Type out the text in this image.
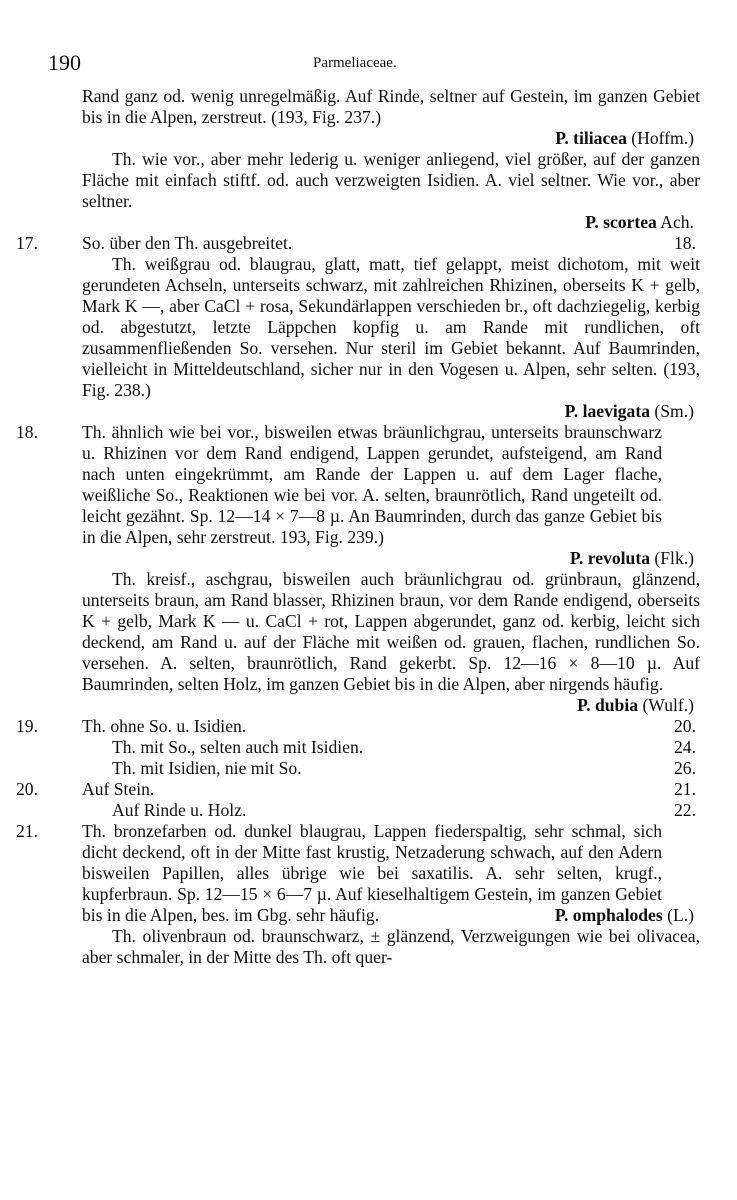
190	Parmeliaceae.

Rand ganz od. wenig unregelmäßig. Auf Rinde, seltner auf Gestein, im ganzen Gebiet bis in die Alpen, zerstreut. (193, Fig. 237.)

P. tiliacea (Hoffm.)

Th. wie vor., aber mehr lederig u. weniger anliegend, viel größer, auf der ganzen Fläche mit einfach stiftf. od. auch verzweigten Isidien. A. viel seltner. Wie vor., aber seltner.

P. scortea Ach.

17.	So. über den Th. ausgebreitet.	18.

Th. weißgrau od. blaugrau, glatt, matt, tief gelappt, meist dichotom, mit weit gerundeten Achseln, unterseits schwarz, mit zahlreichen Rhizinen, oberseits K + gelb, Mark K —, aber CaCl + rosa, Sekundärlappen verschieden br., oft dachziegelig, kerbig od. abgestutzt, letzte Läppchen kopfig u. am Rande mit rundlichen, oft zusammenfließenden So. versehen. Nur steril im Gebiet bekannt. Auf Baumrinden, vielleicht in Mitteldeutschland, sicher nur in den Vogesen u. Alpen, sehr selten. (193, Fig. 238.)

P. laevigata (Sm.)

18.	Th. ähnlich wie bei vor., bisweilen etwas bräunlichgrau, unterseits braunschwarz u. Rhizinen vor dem Rand endigend, Lappen gerundet, aufsteigend, am Rand nach unten eingekrümmt, am Rande der Lappen u. auf dem Lager flache, weißliche So., Reaktionen wie bei vor. A. selten, braunrötlich, Rand ungeteilt od. leicht gezähnt. Sp. 12—14 × 7—8 µ. An Baumrinden, durch das ganze Gebiet bis in die Alpen, sehr zerstreut. 193, Fig. 239.)

P. revoluta (Flk.)

Th. kreisf., aschgrau, bisweilen auch bräunlichgrau od. grünbraun, glänzend, unterseits braun, am Rand blasser, Rhizinen braun, vor dem Rande endigend, oberseits K + gelb, Mark K — u. CaCl + rot, Lappen abgerundet, ganz od. kerbig, leicht sich deckend, am Rand u. auf der Fläche mit weißen od. grauen, flachen, rundlichen So. versehen. A. selten, braunrötlich, Rand gekerbt. Sp. 12—16 × 8—10 µ. Auf Baumrinden, selten Holz, im ganzen Gebiet bis in die Alpen, aber nirgends häufig.

P. dubia (Wulf.)

19.	Th. ohne So. u. Isidien.	20.
Th. mit So., selten auch mit Isidien.	24.
Th. mit Isidien, nie mit So.	26.
20.	Auf Stein.	21.
Auf Rinde u. Holz.	22.
21.	Th. bronzefarben od. dunkel blaugrau, Lappen fiederspaltig, sehr schmal, sich dicht deckend, oft in der Mitte fast krustig, Netzaderung schwach, auf den Adern bisweilen Papillen, alles übrige wie bei saxatilis. A. sehr selten, krugf., kupferbraun. Sp. 12—15 × 6—7 µ. Auf kieselhaltigem Gestein, im ganzen Gebiet bis in die Alpen, bes. im Gbg. sehr häufig.	P. omphalodes (L.)

Th. olivenbraun od. braunschwarz, ± glänzend, Verzweigungen wie bei olivacea, aber schmaler, in der Mitte des Th. oft quer-
